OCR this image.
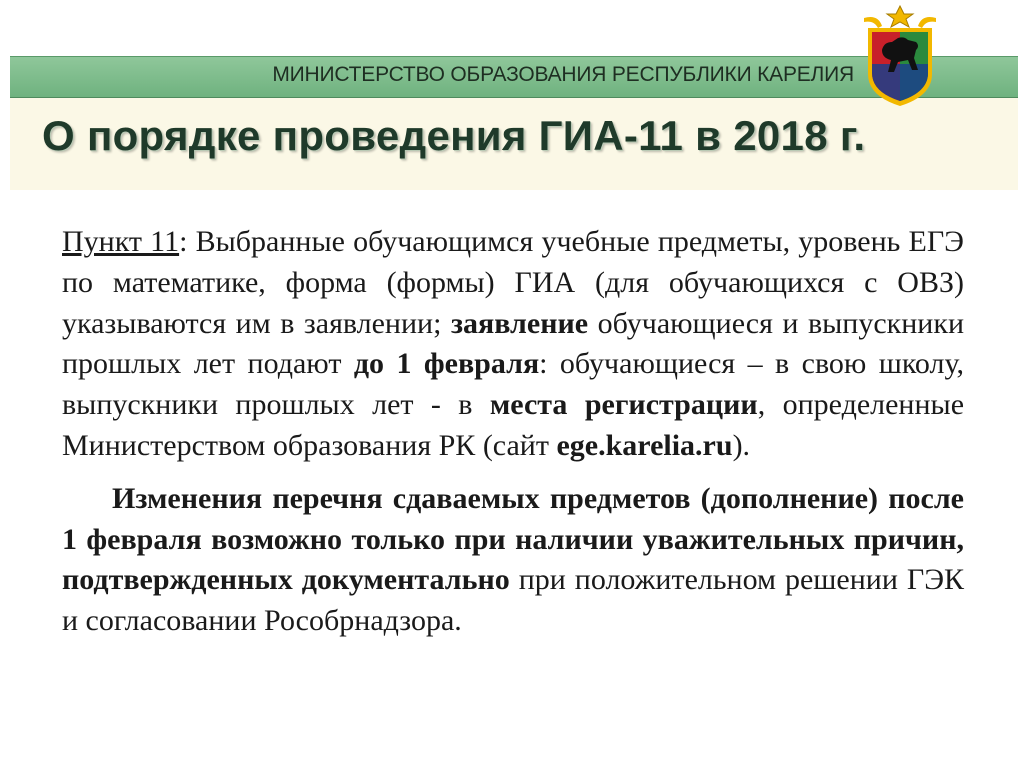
МИНИСТЕРСТВО ОБРАЗОВАНИЯ РЕСПУБЛИКИ КАРЕЛИЯ
О порядке проведения ГИА-11 в 2018 г.

Пункт 11: Выбранные обучающимся учебные предметы, уровень ЕГЭ по математике, форма (формы) ГИА (для обучающихся с ОВЗ) указываются им в заявлении; заявление обучающиеся и выпускники прошлых лет подают до 1 февраля: обучающиеся – в свою школу, выпускники прошлых лет - в места регистрации, определенные Министерством образования РК (сайт ege.karelia.ru).

Изменения перечня сдаваемых предметов (дополнение) после 1 февраля возможно только при наличии уважительных причин, подтвержденных документально при положительном решении ГЭК и согласовании Рособрнадзора.
